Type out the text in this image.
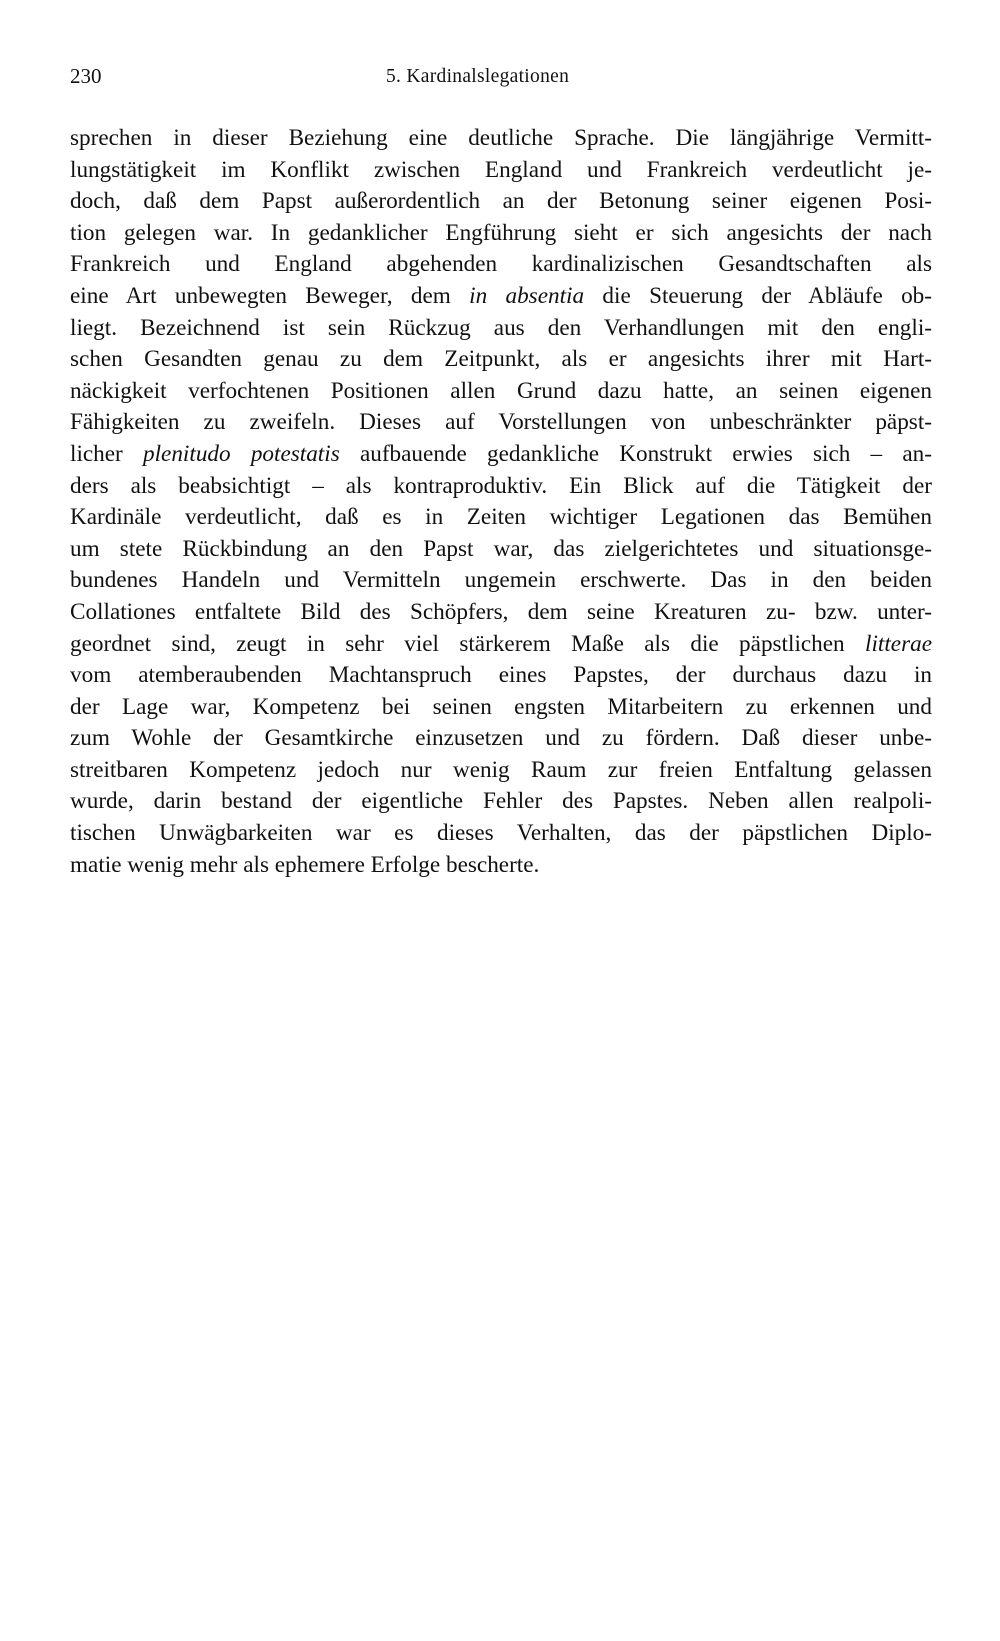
230	5. Kardinalslegationen
sprechen in dieser Beziehung eine deutliche Sprache. Die längjährige Vermitt-
lungstätigkeit im Konflikt zwischen England und Frankreich verdeutlicht je-
doch, daß dem Papst außerordentlich an der Betonung seiner eigenen Posi-
tion gelegen war. In gedanklicher Engführung sieht er sich angesichts der nach
Frankreich und England abgehenden kardinalizischen Gesandtschaften als
eine Art unbewegten Beweger, dem in absentia die Steuerung der Abläufe ob-
liegt. Bezeichnend ist sein Rückzug aus den Verhandlungen mit den engli-
schen Gesandten genau zu dem Zeitpunkt, als er angesichts ihrer mit Hart-
näckigkeit verfochtenen Positionen allen Grund dazu hatte, an seinen eigenen
Fähigkeiten zu zweifeln. Dieses auf Vorstellungen von unbeschränkter päpst-
licher plenitudo potestatis aufbauende gedankliche Konstrukt erwies sich – an-
ders als beabsichtigt – als kontraproduktiv. Ein Blick auf die Tätigkeit der
Kardinäle verdeutlicht, daß es in Zeiten wichtiger Legationen das Bemühen
um stete Rückbindung an den Papst war, das zielgerichtetes und situationsge-
bundenes Handeln und Vermitteln ungemein erschwerte. Das in den beiden
Collationes entfaltete Bild des Schöpfers, dem seine Kreaturen zu- bzw. unter-
geordnet sind, zeugt in sehr viel stärkerem Maße als die päpstlichen litterae
vom atemberaubenden Machtanspruch eines Papstes, der durchaus dazu in
der Lage war, Kompetenz bei seinen engsten Mitarbeitern zu erkennen und
zum Wohle der Gesamtkirche einzusetzen und zu fördern. Daß dieser unbe-
streitbaren Kompetenz jedoch nur wenig Raum zur freien Entfaltung gelassen
wurde, darin bestand der eigentliche Fehler des Papstes. Neben allen realpoli-
tischen Unwägbarkeiten war es dieses Verhalten, das der päpstlichen Diplo-
matie wenig mehr als ephemere Erfolge bescherte.
